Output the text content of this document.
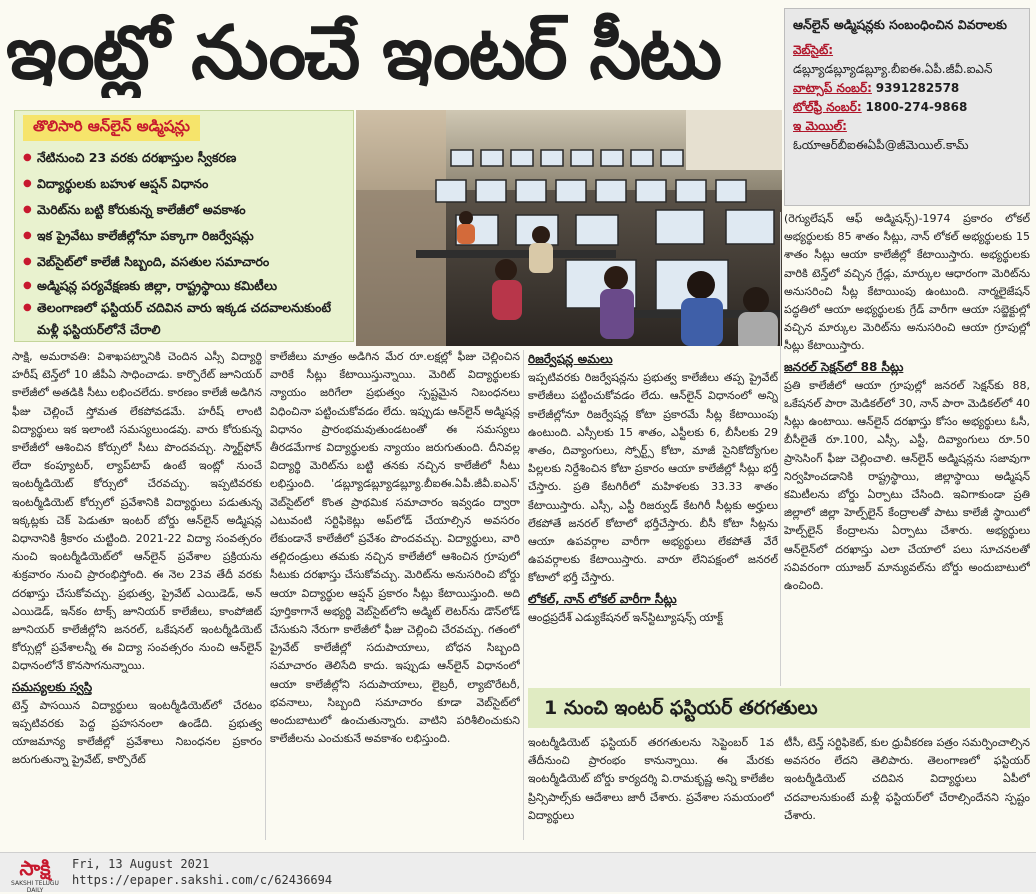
ఇంట్లో నుంచే ఇంటర్ సీటు	ఆన్‌లైన్ అడ్మిషన్లకు సంబంధించిన వివరాలకు
వెబ్‌సైట్:
డబ్ల్యూడబ్ల్యూడబ్ల్యూ.బీఐఈ.ఏపీ.జీవీ.ఐఎన్
వాట్సాప్ నంబర్: 9391282578
టోల్‌ఫ్రీ నంబర్: 1800-274-9868
ఇ మెయిల్:
ఓయాఆర్‌బీఐఈఏపీ@జీమెయిల్.కామ్
తొలిసారి ఆన్‌లైన్ అడ్మిషన్లు
● నేటినుంచి 23 వరకు దరఖాస్తుల స్వీకరణ
● విద్యార్థులకు బహుళ ఆప్షన్ విధానం
● మెరిట్‌ను బట్టి కోరుకున్న కాలేజీలో అవకాశం
● ఇక ప్రైవేటు కాలేజీల్లోనూ పక్కాగా రిజర్వేషన్లు
● వెబ్‌సైట్‌లో కాలేజీ సిబ్బంది, వసతుల సమాచారం
● అడ్మిషన్ల పర్యవేక్షణకు జిల్లా, రాష్ట్రస్థాయి కమిటీలు
● తెలంగాణలో ఫస్టియర్ చదివిన వారు ఇక్కడ చదవాలనుకుంటే మళ్లీ ఫస్టియర్‌లోనే చేరాలి

సాక్షి, అమరావతి: విశాఖపట్నానికి చెందిన ఎస్సీ విద్యార్థి హరీష్ టెన్త్‌లో 10 జీపీఏ సాధించాడు. కార్పొరేట్ జూనియర్ కాలేజీలో అతడికి సీటు లభించలేదు. కారణం కాలేజీ అడిగిన ఫీజు చెల్లించే స్తోమత లేకపోవడమే. హరీష్ లాంటి విద్యార్థులు ఇక ఇలాంటి సమస్యలుండవు. వారు కోరుకున్న కాలేజీలో ఆశించిన కోర్సులో సీటు పొందవచ్చు. స్మార్ట్‌ఫోన్ లేదా కంప్యూటర్, ల్యాప్‌టాప్ ఉంటే ఇంట్లో నుంచే ఇంటర్మీడియెట్ కోర్సులో చేరవచ్చు. ఇప్పటివరకు ఇంటర్మీడియెట్ కోర్సులో ప్రవేశానికి విద్యార్థులు పడుతున్న ఇక్కట్లకు చెక్ పెడుతూ ఇంటర్ బోర్డు ఆన్‌లైన్ అడ్మిషన్ల విధానానికి శ్రీకారం చుట్టింది. 2021-22 విద్యా సంవత్సరం నుంచి ఇంటర్మీడియెట్‌లో ఆన్‌లైన్ ప్రవేశాల ప్రక్రియను శుక్రవారం నుంచి ప్రారంభిస్తోంది. ఈ నెల 23వ తేదీ వరకు దరఖాస్తు చేసుకోవచ్చు. ప్రభుత్వ, ప్రైవేట్ ఎయిడెడ్, అన్ ఎయిడెడ్, ఇన్‌కం టాక్స్ జూనియర్ కాలేజీలు, కాంపోజిట్ జూనియర్ కాలేజీల్లోని జనరల్, ఒకేషనల్ ఇంటర్మీడియెట్ కోర్సుల్లో ప్రవేశాలన్నీ ఈ విద్యా సంవత్సరం నుంచి ఆన్‌లైన్ విధానంలోనే కొనసాగనున్నాయి.

సమస్యలకు స్వస్తి

టెన్త్ పాసయిన విద్యార్థులు ఇంటర్మీడియెట్‌లో చేరటం ఇప్పటివరకు పెద్ద ప్రహసనంలా ఉండేది. ప్రభుత్వ యాజమాన్య కాలేజీల్లో ప్రవేశాలు నిబంధనల ప్రకారం జరుగుతున్నా ప్రైవేట్, కార్పొరేట్

కాలేజీలు మాత్రం అడిగిన మేర రూ.లక్షల్లో ఫీజు చెల్లించిన వారికే సీట్లు కేటాయిస్తున్నాయి. మెరిట్ విద్యార్థులకు న్యాయం జరిగేలా ప్రభుత్వం స్పష్టమైన నిబంధనలు విధించినా పట్టించుకోవడం లేదు. ఇప్పుడు ఆన్‌లైన్ అడ్మిషన్ల విధానం ప్రారంభమవుతుండటంతో ఈ సమస్యలు తీరడమేగాక విద్యార్థులకు న్యాయం జరుగుతుంది. దీనివల్ల విద్యార్థి మెరిట్‌ను బట్టి తనకు నచ్చిన కాలేజీలో సీటు లభిస్తుంది. 'డబ్ల్యూడబ్ల్యూడబ్ల్యూ.బీఐఈ.ఏపీ.జీవీ.ఐఎన్' వెబ్‌సైట్‌లో కొంత ప్రాథమిక సమాచారం ఇవ్వడం ద్వారా ఎటువంటి సర్టిఫికెట్లు అప్‌లోడ్ చేయాల్సిన అవసరం లేకుండానే కాలేజీలో ప్రవేశం పొందవచ్చు. విద్యార్థులు, వారి తల్లిదండ్రులు తమకు నచ్చిన కాలేజీలో ఆశించిన గ్రూపులో సీటుకు దరఖాస్తు చేసుకోవచ్చు. మెరిట్‌ను అనుసరించి బోర్డు ఆయా విద్యార్థుల ఆప్షన్ ప్రకారం సీట్లు కేటాయిస్తుంది. అది పూర్తికాగానే అభ్యర్థి వెబ్‌సైట్‌లోని అడ్మిట్ లెటర్‌ను డౌన్‌లోడ్ చేసుకుని నేరుగా కాలేజీలో ఫీజు చెల్లించి చేరవచ్చు. గతంలో ప్రైవేట్ కాలేజీల్లో సదుపాయాలు, బోధన సిబ్బంది సమాచారం తెలిసేది కాదు. ఇప్పుడు ఆన్‌లైన్ విధానంలో ఆయా కాలేజీల్లోని సదుపాయాలు, లైబ్రరీ, ల్యాబొరేటరీ, భవనాలు, సిబ్బంది సమాచారం కూడా వెబ్‌సైట్‌లో అందుబాటులో ఉంచుతున్నారు. వాటిని పరిశీలించుకుని కాలేజీలను ఎంచుకునే అవకాశం లభిస్తుంది.

రిజర్వేషన్ల అమలు

ఇప్పటివరకు రిజర్వేషన్లను ప్రభుత్వ కాలేజీలు తప్ప ప్రైవేట్ కాలేజీలు పట్టించుకోవడం లేదు. ఆన్‌లైన్ విధానంలో అన్ని కాలేజీల్లోనూ రిజర్వేషన్ల కోటా ప్రకారమే సీట్ల కేటాయింపు ఉంటుంది. ఎస్సీలకు 15 శాతం, ఎస్టీలకు 6, బీసీలకు 29 శాతం, దివ్యాంగులు, స్పోర్ట్స్ కోటా, మాజీ సైనికోద్యోగుల పిల్లలకు నిర్దేశించిన కోటా ప్రకారం ఆయా కాలేజీల్లో సీట్లు భర్తీ చేస్తారు. ప్రతి కేటగిరీలో మహిళలకు 33.33 శాతం కేటాయిస్తారు. ఎస్సీ, ఎస్టీ రిజర్వుడ్ కేటగిరీ సీట్లకు అర్హులు లేకపోతే జనరల్ కోటాలో భర్తీచేస్తారు. బీసీ కోటా సీట్లను ఆయా ఉపవర్గాల వారీగా అభ్యర్థులు లేకపోతే వేరే ఉపవర్గాలకు కేటాయిస్తారు. వారూ లేనిపక్షంలో జనరల్ కోటాలో భర్తీ చేస్తారు.

లోకల్, నాన్ లోకల్ వారీగా సీట్లు

ఆంధ్రప్రదేశ్ ఎడ్యుకేషనల్ ఇన్‌స్టిట్యూషన్స్ యాక్ట్

(రెగ్యులేషన్ ఆఫ్ అడ్మిషన్స్)-1974 ప్రకారం లోకల్ అభ్యర్థులకు 85 శాతం సీట్లు, నాన్ లోకల్ అభ్యర్థులకు 15 శాతం సీట్లు ఆయా కాలేజీల్లో కేటాయిస్తారు. అభ్యర్థులకు వారికి టెన్త్‌లో వచ్చిన గ్రేడ్లు, మార్కుల ఆధారంగా మెరిట్‌ను అనుసరించి సీట్ల కేటాయింపు ఉంటుంది. నార్మలైజేషన్ పద్ధతిలో ఆయా అభ్యర్థులకు గ్రేడ్ వారీగా ఆయా సబ్జెక్టుల్లో వచ్చిన మార్కుల మెరిట్‌ను అనుసరించి ఆయా గ్రూపుల్లో సీట్లు కేటాయిస్తారు.

జనరల్ సెక్షన్‌లో 88 సీట్లు

ప్రతి కాలేజీలో ఆయా గ్రూపుల్లో జనరల్ సెక్షన్‌కు 88, ఒకేషనల్ పారా మెడికల్‌లో 30, నాన్ పారా మెడికల్‌లో 40 సీట్లు ఉంటాయి. ఆన్‌లైన్ దరఖాస్తు కోసం అభ్యర్థులు ఓసీ, బీసీలైతే రూ.100, ఎస్సీ, ఎస్టీ, దివ్యాంగులు రూ.50 ప్రాసెసింగ్ ఫీజు చెల్లించాలి. ఆన్‌లైన్ అడ్మిషన్లను సజావుగా నిర్వహించడానికి రాష్ట్రస్థాయి, జిల్లాస్థాయి అడ్మిషన్ కమిటీలను బోర్డు ఏర్పాటు చేసింది. ఇవిగాకుండా ప్రతి జిల్లాలో జిల్లా హెల్ప్‌లైన్ కేంద్రాలతో పాటు కాలేజీ స్థాయిలో హెల్ప్‌లైన్ కేంద్రాలను ఏర్పాటు చేశారు. అభ్యర్థులు ఆన్‌లైన్‌లో దరఖాస్తు ఎలా చేయాలో పలు సూచనలతో సవివరంగా యూజర్ మాన్యువల్‌ను బోర్డు అందుబాటులో ఉంచింది.

1 నుంచి ఇంటర్ ఫస్టియర్ తరగతులు
ఇంటర్మీడియెట్ ఫస్టియర్ తరగతులను సెప్టెంబర్ 1వ తేదీనుంచి ప్రారంభం కానున్నాయి. ఈ మేరకు ఇంటర్మీడియెట్ బోర్డు కార్యదర్శి వి.రామకృష్ణ అన్ని కాలేజీల ప్రిన్సిపాల్స్‌కు ఆదేశాలు జారీ చేశారు. ప్రవేశాల సమయంలో విద్యార్థులు
టీసీ, టెన్త్ సర్టిఫికెట్, కుల ధ్రువీకరణ పత్రం సమర్పించాల్సిన అవసరం లేదని తెలిపారు. తెలంగాణలో ఫస్టియర్ ఇంటర్మీడియెట్ చదివిన విద్యార్థులు ఏపీలో చదవాలనుకుంటే మళ్లీ ఫస్టియర్‌లో చేరాల్సిందేనని స్పష్టం చేశారు.
సాక్షి
SAKSHI TELUGU DAILY
Fri, 13 August 2021
https://epaper.sakshi.com/c/62436694
